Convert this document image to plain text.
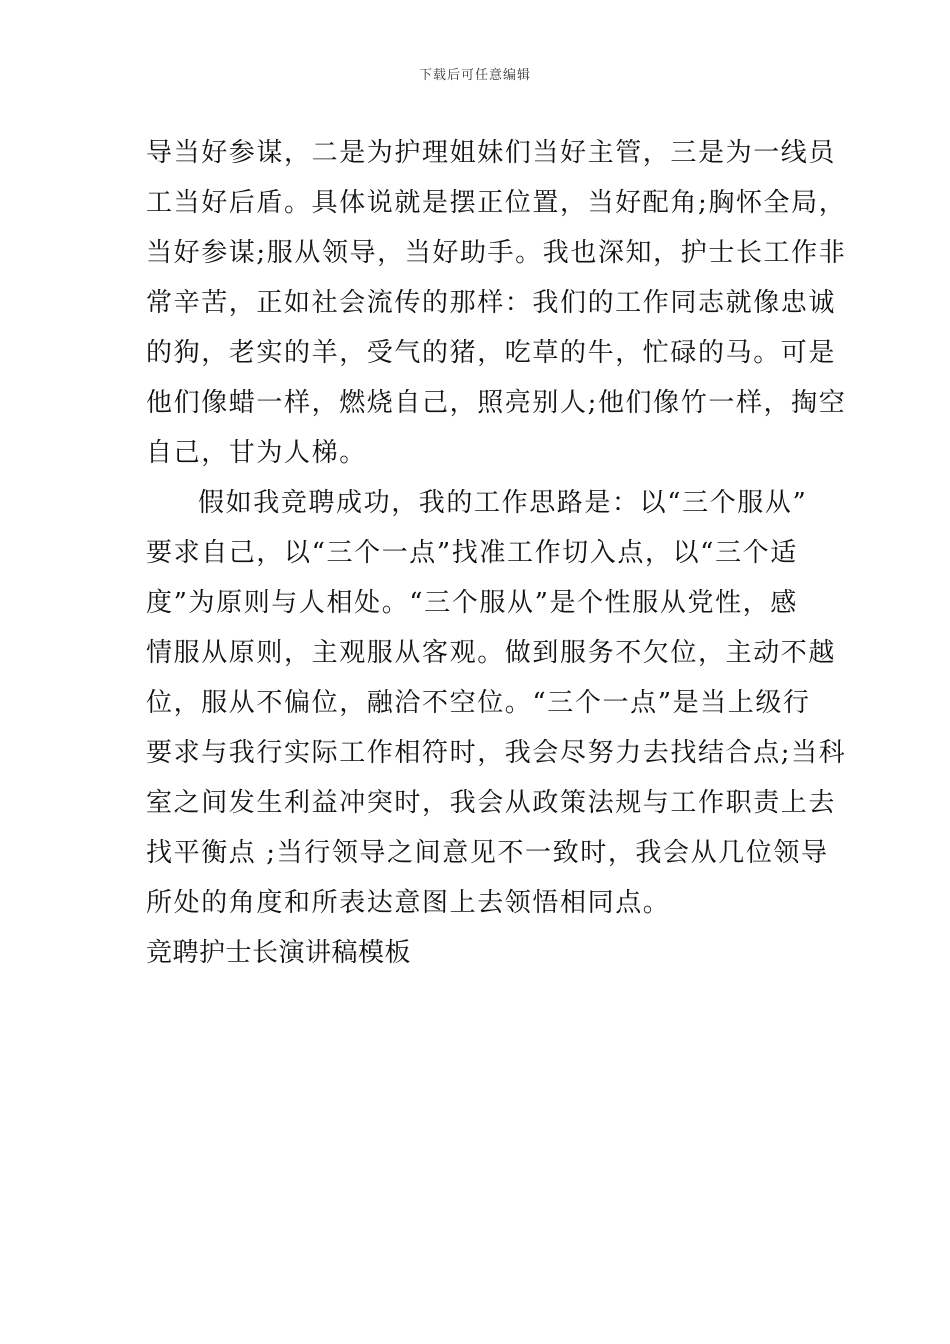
下载后可任意编辑
导当好参谋，二是为护理姐妹们当好主管，三是为一线员
工当好后盾。具体说就是摆正位置，当好配角;胸怀全局，
当好参谋;服从领导，当好助手。我也深知，护士长工作非
常辛苦，正如社会流传的那样：我们的工作同志就像忠诚
的狗，老实的羊，受气的猪，吃草的牛，忙碌的马。可是
他们像蜡一样，燃烧自己，照亮别人;他们像竹一样，掏空
自己，甘为人梯。
假如我竞聘成功，我的工作思路是：以“三个服从”
要求自己，以“三个一点”找准工作切入点，以“三个适
度”为原则与人相处。“三个服从”是个性服从党性，感
情服从原则，主观服从客观。做到服务不欠位，主动不越
位，服从不偏位，融洽不空位。“三个一点”是当上级行
要求与我行实际工作相符时，我会尽努力去找结合点;当科
室之间发生利益冲突时，我会从政策法规与工作职责上去
找平衡点 ;当行领导之间意见不一致时，我会从几位领导
所处的角度和所表达意图上去领悟相同点。
竞聘护士长演讲稿模板
